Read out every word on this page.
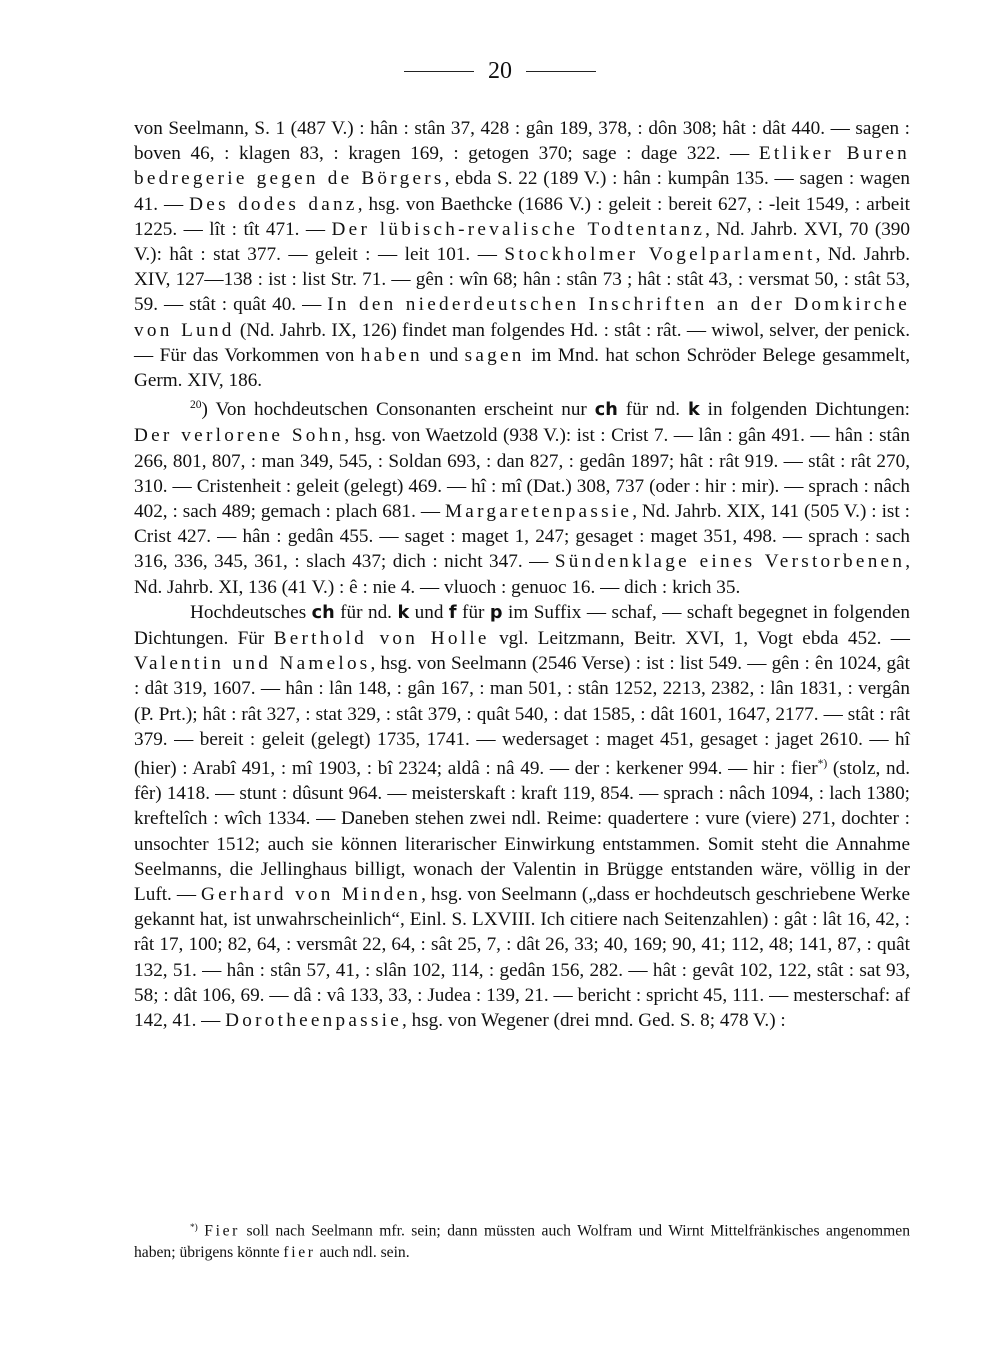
20

von Seelmann, S. 1 (487 V.) : hân : stân 37, 428 : gân 189, 378, : dôn 308; hât : dât 440. — sagen : boven 46, : klagen 83, : kragen 169, : getogen 370; sage : dage 322. — Etliker Buren bedregerie gegen de Börgers, ebda S. 22 (189 V.) : hân : kumpân 135. — sagen : wagen 41. — Des dodes danz, hsg. von Baethcke (1686 V.) : geleit : bereit 627, : -leit 1549, : arbeit 1225. — lît : tît 471. — Der lübisch-revalische Todtentanz, Nd. Jahrb. XVI, 70 (390 V.): hât : stat 377. — geleit : — leit 101. — Stockholmer Vogelparlament, Nd. Jahrb. XIV, 127—138 : ist : list Str. 71. — gên : wîn 68; hân : stân 73 ; hât : stât 43, : versmat 50, : stât 53, 59. — stât : quât 40. — In den niederdeutschen Inschriften an der Domkirche von Lund (Nd. Jahrb. IX, 126) findet man folgendes Hd. : stât : rât. — wiwol, selver, der penick. — Für das Vorkommen von haben und sagen im Mnd. hat schon Schröder Belege gesammelt, Germ. XIV, 186.

$^{20}$) Von hochdeutschen Consonanten erscheint nur ch für nd. k in folgenden Dichtungen: Der verlorene Sohn, hsg. von Waetzold (938 V.): ist : Crist 7. — lân : gân 491. — hân : stân 266, 801, 807, : man 349, 545, : Soldan 693, : dan 827, : gedân 1897; hât : rât 919. — stât : rât 270, 310. — Cristenheit : geleit (gelegt) 469. — hî : mî (Dat.) 308, 737 (oder : hir : mir). — sprach : nâch 402, : sach 489; gemach : plach 681. — Margaretenpassie, Nd. Jahrb. XIX, 141 (505 V.) : ist : Crist 427. — hân : gedân 455. — saget : maget 1, 247; gesaget : maget 351, 498. — sprach : sach 316, 336, 345, 361, : slach 437; dich : nicht 347. — Sündenklage eines Verstorbenen, Nd. Jahrb. XI, 136 (41 V.) : ê : nie 4. — vluoch : genuoc 16. — dich : krich 35.

Hochdeutsches ch für nd. k und f für p im Suffix — schaf, — schaft begegnet in folgenden Dichtungen. Für Berthold von Holle vgl. Leitzmann, Beitr. XVI, 1, Vogt ebda 452. — Valentin und Namelos, hsg. von Seelmann (2546 Verse) : ist : list 549. — gên : ên 1024, gât : dât 319, 1607. — hân : lân 148, : gân 167, : man 501, : stân 1252, 2213, 2382, : lân 1831, : vergân (P. Prt.); hât : rât 327, : stat 329, : stât 379, : quât 540, : dat 1585, : dât 1601, 1647, 2177. — stât : rât 379. — bereit : geleit (gelegt) 1735, 1741. — wedersaget : maget 451, gesaget : jaget 2610. — hî (hier) : Arabî 491, : mî 1903, : bî 2324; aldâ : nâ 49. — der : kerkener 994. — hir : fier*) (stolz, nd. fêr) 1418. — stunt : dûsunt 964. — meisterskaft : kraft 119, 854. — sprach : nâch 1094, : lach 1380; kreftelîch : wîch 1334. — Daneben stehen zwei ndl. Reime: quadertere : vure (viere) 271, dochter : unsochter 1512; auch sie können literarischer Einwirkung entstammen. Somit steht die Annahme Seelmanns, die Jellinghaus billigt, wonach der Valentin in Brügge entstanden wäre, völlig in der Luft. — Gerhard von Minden, hsg. von Seelmann („dass er hochdeutsch geschriebene Werke gekannt hat, ist unwahrscheinlich“, Einl. S. LXVIII. Ich citiere nach Seitenzahlen) : gât : lât 16, 42, : rât 17, 100; 82, 64, : versmât 22, 64, : sât 25, 7, : dât 26, 33; 40, 169; 90, 41; 112, 48; 141, 87, : quât 132, 51. — hân : stân 57, 41, : slân 102, 114, : gedân 156, 282. — hât : gevât 102, 122, stât : sat 93, 58; : dât 106, 69. — dâ : vâ 133, 33, : Judea : 139, 21. — bericht : spricht 45, 111. — mesterschaf: af 142, 41. — Dorotheenpassie, hsg. von Wegener (drei mnd. Ged. S. 8; 478 V.) :

*) Fier soll nach Seelmann mfr. sein; dann müssten auch Wolfram und Wirnt Mittelfränkisches angenommen haben; übrigens könnte fier auch ndl. sein.
